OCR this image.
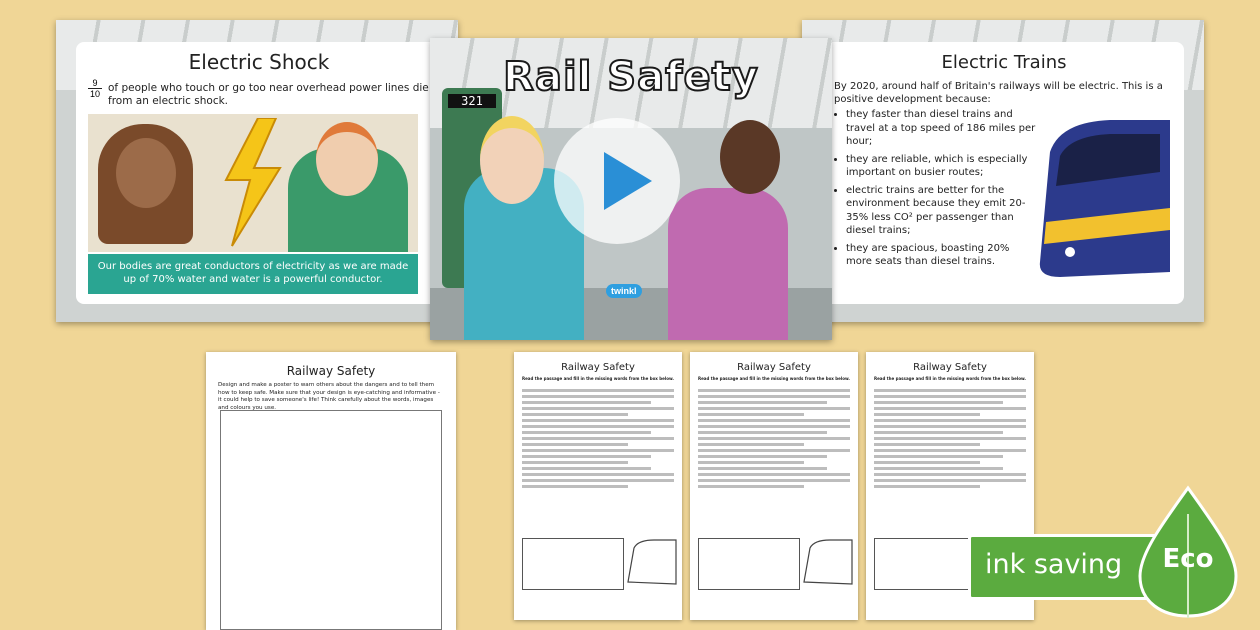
Electric Shock
$\frac{9}{10}$ of people who touch or go too near overhead power lines die from an electric shock.
Our bodies are great conductors of electricity as we are made up of 70% water and water is a powerful conductor.
Electric Trains
By 2020, around half of Britain's railways will be electric. This is a positive development because:
• they faster than diesel trains and travel at a top speed of 186 miles per hour;
• they are reliable, which is especially important on busier routes;
• electric trains are better for the environment because they emit 20-35% less CO² per passenger than diesel trains;
• they are spacious, boasting 20% more seats than diesel trains.
321
Rail Safety
twinkl
Railway Safety
Design and make a poster to warn others about the dangers and to tell them how to keep safe. Make sure that your design is eye-catching and informative - it could help to save someone's life! Think carefully about the words, images and colours you use.
Railway Safety
Read the passage and fill in the missing words from the box below.
Railway Safety
Read the passage and fill in the missing words from the box below.
Railway Safety
Read the passage and fill in the missing words from the box below.
ink saving	Eco
